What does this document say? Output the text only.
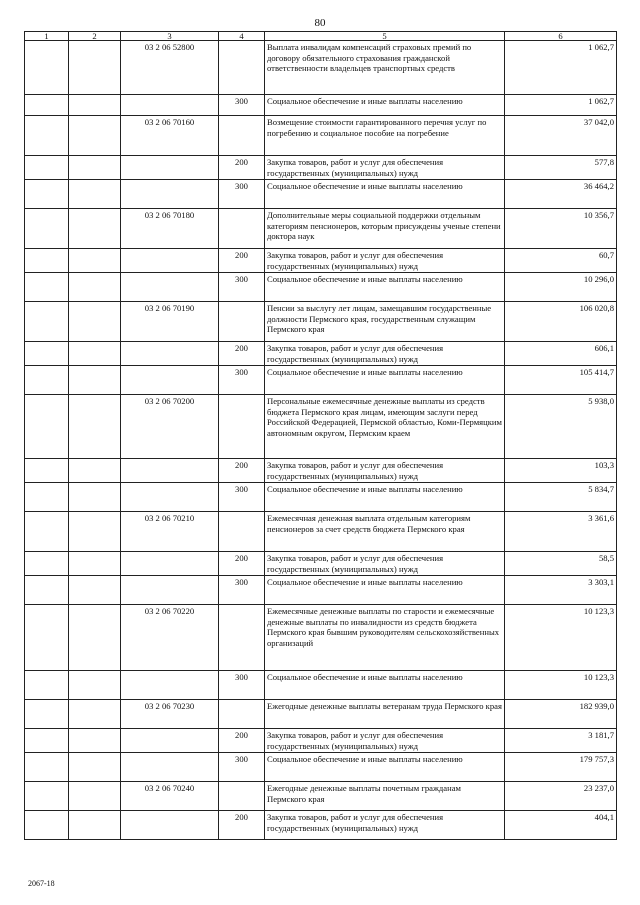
80
1	2	3	4	5	6
		03 2 06 52800		Выплата инвалидам компенсаций страховых премий по договору обязательного страхования гражданской ответственности владельцев транспортных средств	1 062,7
			300	Социальное обеспечение и иные выплаты населению	1 062,7
		03 2 06 70160		Возмещение стоимости гарантированного перечня услуг по погребению и социальное пособие на погребение	37 042,0
			200	Закупка товаров, работ и услуг для обеспечения государственных (муниципальных) нужд	577,8
			300	Социальное обеспечение и иные выплаты населению	36 464,2
		03 2 06 70180		Дополнительные меры социальной поддержки отдельным категориям пенсионеров, которым присуждены ученые степени доктора наук	10 356,7
			200	Закупка товаров, работ и услуг для обеспечения государственных (муниципальных) нужд	60,7
			300	Социальное обеспечение и иные выплаты населению	10 296,0
		03 2 06 70190		Пенсии за выслугу лет лицам, замещавшим государственные должности Пермского края, государственным служащим Пермского края	106 020,8
			200	Закупка товаров, работ и услуг для обеспечения государственных (муниципальных) нужд	606,1
			300	Социальное обеспечение и иные выплаты населению	105 414,7
		03 2 06 70200		Персональные ежемесячные денежные выплаты из средств бюджета Пермского края лицам, имеющим заслуги перед Российской Федерацией, Пермской областью, Коми-Пермяцким автономным округом, Пермским краем	5 938,0
			200	Закупка товаров, работ и услуг для обеспечения государственных (муниципальных) нужд	103,3
			300	Социальное обеспечение и иные выплаты населению	5 834,7
		03 2 06 70210		Ежемесячная денежная выплата отдельным категориям пенсионеров за счет средств бюджета Пермского края	3 361,6
			200	Закупка товаров, работ и услуг для обеспечения государственных (муниципальных) нужд	58,5
			300	Социальное обеспечение и иные выплаты населению	3 303,1
		03 2 06 70220		Ежемесячные денежные выплаты по старости и ежемесячные денежные выплаты по инвалидности из средств бюджета Пермского края бывшим руководителям сельскохозяйственных организаций	10 123,3
			300	Социальное обеспечение и иные выплаты населению	10 123,3
		03 2 06 70230		Ежегодные денежные выплаты ветеранам труда Пермского края	182 939,0
			200	Закупка товаров, работ и услуг для обеспечения государственных (муниципальных) нужд	3 181,7
			300	Социальное обеспечение и иные выплаты населению	179 757,3
		03 2 06 70240		Ежегодные денежные выплаты почетным гражданам Пермского края	23 237,0
			200	Закупка товаров, работ и услуг для обеспечения государственных (муниципальных) нужд	404,1
2067-18
